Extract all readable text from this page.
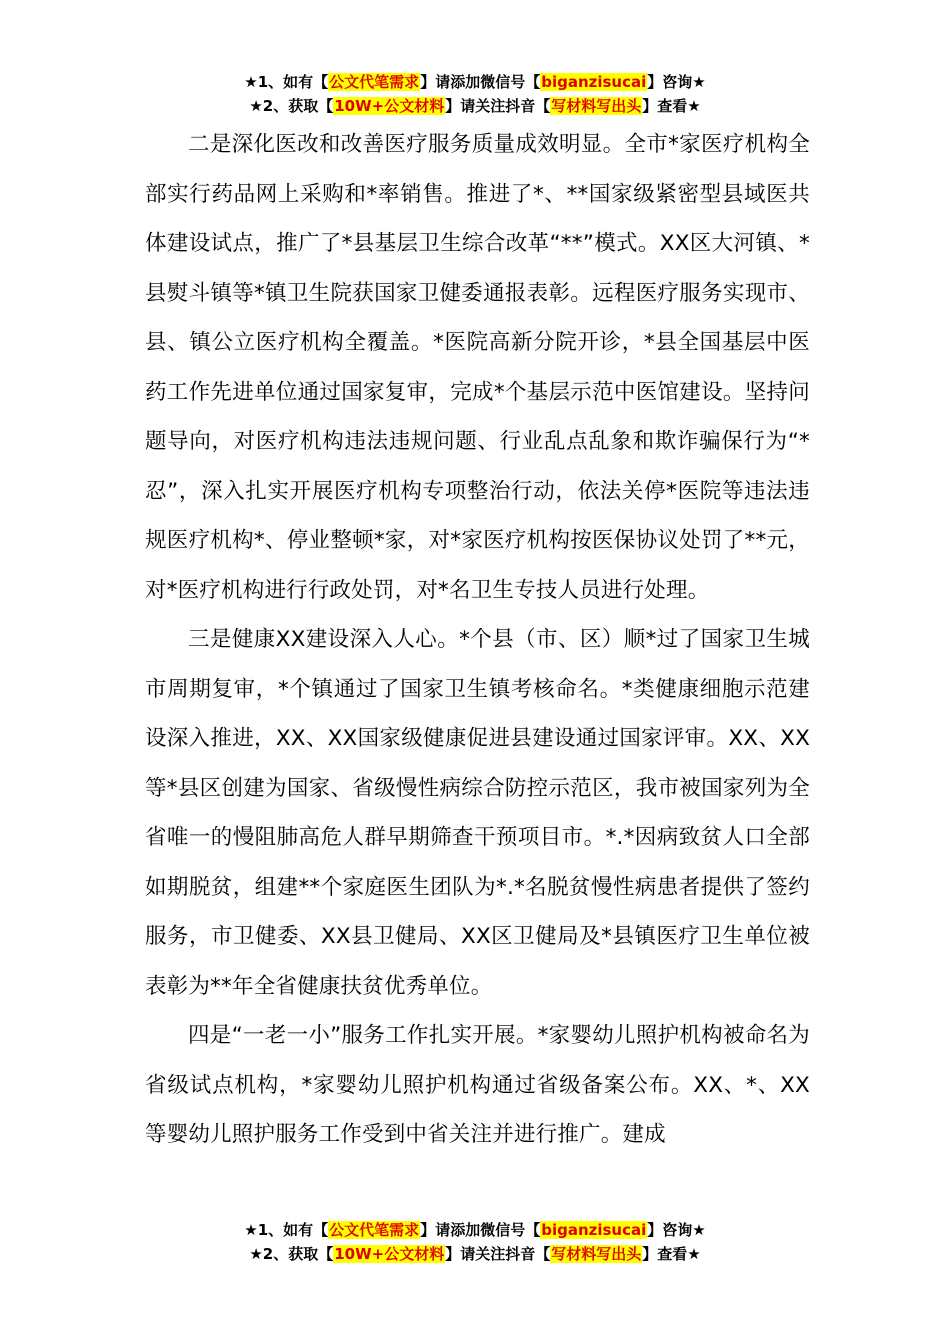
★1、如有【公文代笔需求】请添加微信号【biganzisucai】咨询★
★2、获取【10W+公文材料】请关注抖音【写材料写出头】查看★

二是深化医改和改善医疗服务质量成效明显。全市*家医疗机构全部实行药品网上采购和*率销售。推进了*、**国家级紧密型县域医共体建设试点，推广了*县基层卫生综合改革“**”模式。XX区大河镇、*县熨斗镇等*镇卫生院获国家卫健委通报表彰。远程医疗服务实现市、县、镇公立医疗机构全覆盖。*医院高新分院开诊，*县全国基层中医药工作先进单位通过国家复审，完成*个基层示范中医馆建设。坚持问题导向，对医疗机构违法违规问题、行业乱点乱象和欺诈骗保行为“*忍”，深入扎实开展医疗机构专项整治行动，依法关停*医院等违法违规医疗机构*、停业整顿*家，对*家医疗机构按医保协议处罚了**元，对*医疗机构进行行政处罚，对*名卫生专技人员进行处理。

三是健康XX建设深入人心。*个县（市、区）顺*过了国家卫生城市周期复审，*个镇通过了国家卫生镇考核命名。*类健康细胞示范建设深入推进，XX、XX国家级健康促进县建设通过国家评审。XX、XX等*县区创建为国家、省级慢性病综合防控示范区，我市被国家列为全省唯一的慢阻肺高危人群早期筛查干预项目市。*.*因病致贫人口全部如期脱贫，组建**个家庭医生团队为*.*名脱贫慢性病患者提供了签约服务，市卫健委、XX县卫健局、XX区卫健局及*县镇医疗卫生单位被表彰为**年全省健康扶贫优秀单位。

四是“一老一小”服务工作扎实开展。*家婴幼儿照护机构被命名为省级试点机构，*家婴幼儿照护机构通过省级备案公布。XX、*、XX等婴幼儿照护服务工作受到中省关注并进行推广。建成

★1、如有【公文代笔需求】请添加微信号【biganzisucai】咨询★
★2、获取【10W+公文材料】请关注抖音【写材料写出头】查看★
